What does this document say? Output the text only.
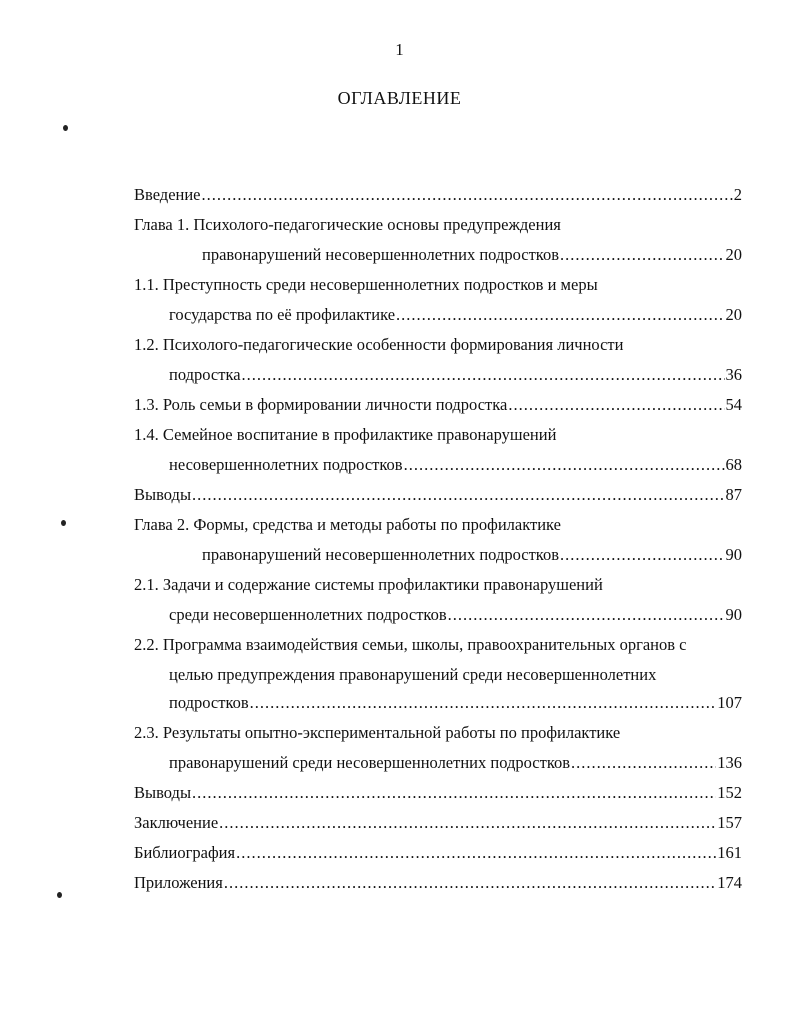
1
ОГЛАВЛЕНИЕ
Введение .....	2
Глава 1. Психолого-педагогические основы предупреждения
правонарушений несовершеннолетних подростков .....	20
1.1. Преступность среди несовершеннолетних подростков и меры
государства по её профилактике .....	20
1.2. Психолого-педагогические особенности формирования личности
подростка .....	36
1.3. Роль семьи в формировании личности подростка .....	54
1.4. Семейное воспитание в профилактике правонарушений
несовершеннолетних подростков .....	68
Выводы .....	87
Глава 2. Формы, средства и методы работы по профилактике
правонарушений несовершеннолетних подростков .....	90
2.1. Задачи и содержание системы профилактики правонарушений
среди несовершеннолетних подростков .....	90
2.2. Программа взаимодействия семьи, школы, правоохранительных органов с
целью предупреждения правонарушений среди несовершеннолетних
подростков .....	107
2.3. Результаты опытно-экспериментальной работы по профилактике
правонарушений среди несовершеннолетних подростков .....	136
Выводы .....	152
Заключение .....	157
Библиография .....	161
Приложения .....	174
